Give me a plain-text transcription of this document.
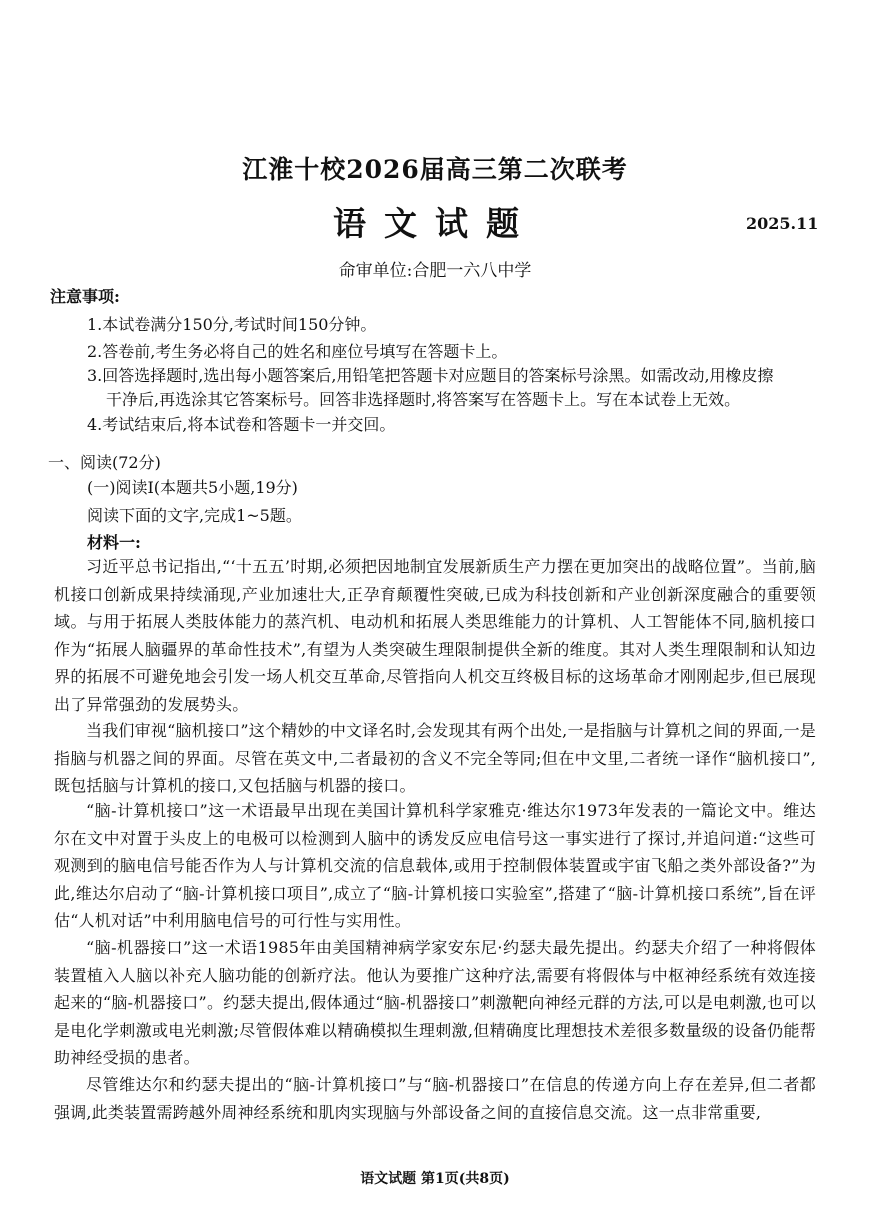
江淮十校2026届高三第二次联考
语文试题	2025.11
命审单位:合肥一六八中学
注意事项:
1.本试卷满分150分,考试时间150分钟。
2.答卷前,考生务必将自己的姓名和座位号填写在答题卡上。
3.回答选择题时,选出每小题答案后,用铅笔把答题卡对应题目的答案标号涂黑。如需改动,用橡皮擦
干净后,再选涂其它答案标号。回答非选择题时,将答案写在答题卡上。写在本试卷上无效。
4.考试结束后,将本试卷和答题卡一并交回。
一、阅读(72分)
(一)阅读Ⅰ(本题共5小题,19分)
阅读下面的文字,完成1~5题。
材料一:
习近平总书记指出,“‘十五五’时期,必须把因地制宜发展新质生产力摆在更加突出的战略位置”。当前,脑机接口创新成果持续涌现,产业加速壮大,正孕育颠覆性突破,已成为科技创新和产业创新深度融合的重要领域。与用于拓展人类肢体能力的蒸汽机、电动机和拓展人类思维能力的计算机、人工智能体不同,脑机接口作为“拓展人脑疆界的革命性技术”,有望为人类突破生理限制提供全新的维度。其对人类生理限制和认知边界的拓展不可避免地会引发一场人机交互革命,尽管指向人机交互终极目标的这场革命才刚刚起步,但已展现出了异常强劲的发展势头。
当我们审视“脑机接口”这个精妙的中文译名时,会发现其有两个出处,一是指脑与计算机之间的界面,一是指脑与机器之间的界面。尽管在英文中,二者最初的含义不完全等同;但在中文里,二者统一译作“脑机接口”,既包括脑与计算机的接口,又包括脑与机器的接口。
“脑-计算机接口”这一术语最早出现在美国计算机科学家雅克·维达尔1973年发表的一篇论文中。维达尔在文中对置于头皮上的电极可以检测到人脑中的诱发反应电信号这一事实进行了探讨,并追问道:“这些可观测到的脑电信号能否作为人与计算机交流的信息载体,或用于控制假体装置或宇宙飞船之类外部设备?”为此,维达尔启动了“脑-计算机接口项目”,成立了“脑-计算机接口实验室”,搭建了“脑-计算机接口系统”,旨在评估“人机对话”中利用脑电信号的可行性与实用性。
“脑-机器接口”这一术语1985年由美国精神病学家安东尼·约瑟夫最先提出。约瑟夫介绍了一种将假体装置植入人脑以补充人脑功能的创新疗法。他认为要推广这种疗法,需要有将假体与中枢神经系统有效连接起来的“脑-机器接口”。约瑟夫提出,假体通过“脑-机器接口”刺激靶向神经元群的方法,可以是电刺激,也可以是电化学刺激或电光刺激;尽管假体难以精确模拟生理刺激,但精确度比理想技术差很多数量级的设备仍能帮助神经受损的患者。
尽管维达尔和约瑟夫提出的“脑-计算机接口”与“脑-机器接口”在信息的传递方向上存在差异,但二者都强调,此类装置需跨越外周神经系统和肌肉实现脑与外部设备之间的直接信息交流。这一点非常重要,
语文试题 第1页(共8页)
